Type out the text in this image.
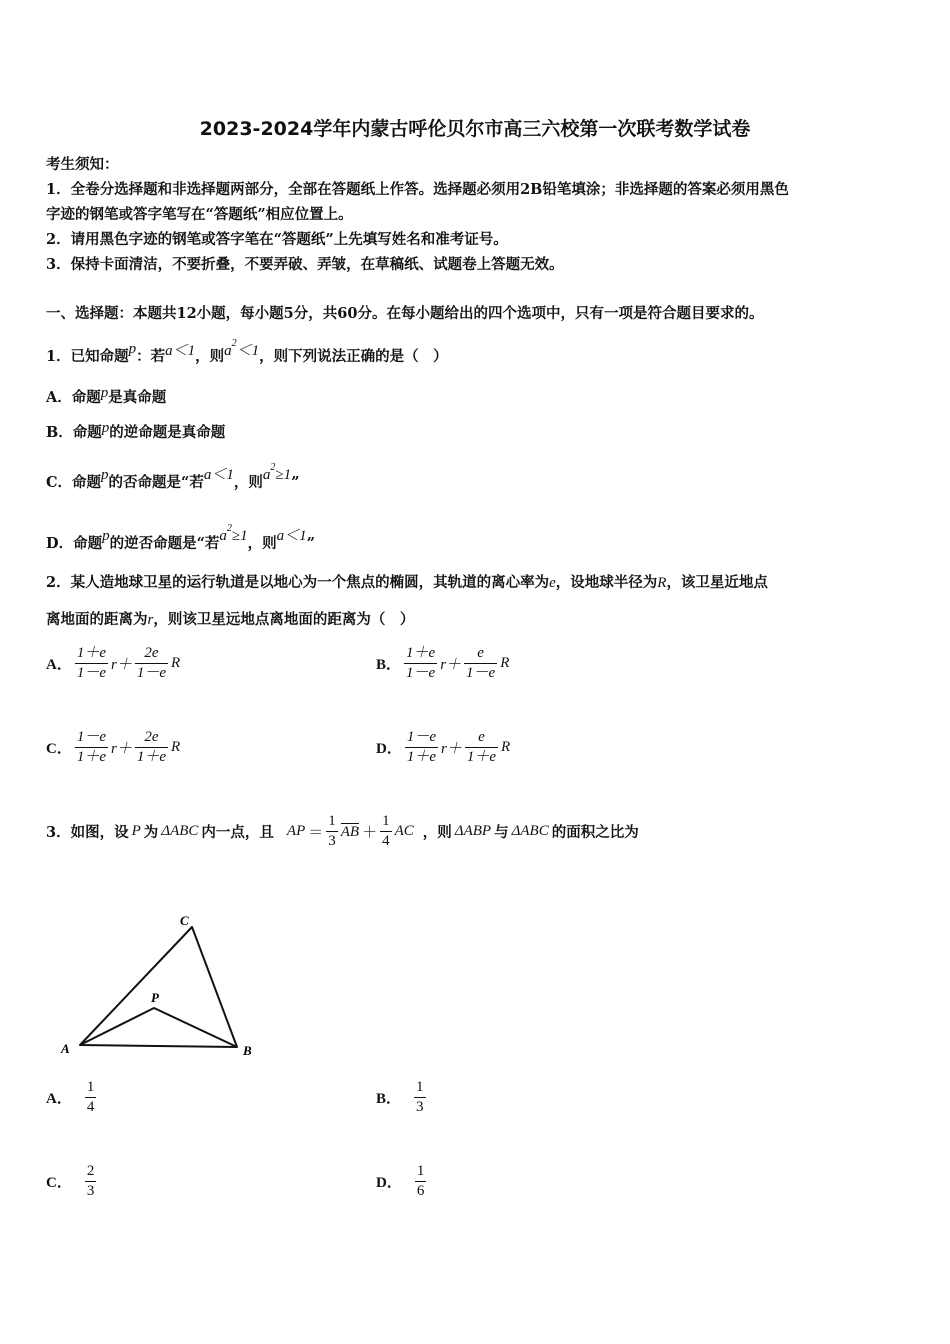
2023-2024学年内蒙古呼伦贝尔市高三六校第一次联考数学试卷
考生须知：
1．全卷分选择题和非选择题两部分，全部在答题纸上作答。选择题必须用2B铅笔填涂；非选择题的答案必须用黑色
字迹的钢笔或答字笔写在“答题纸”相应位置上。
2．请用黑色字迹的钢笔或答字笔在“答题纸”上先填写姓名和准考证号。
3．保持卡面清洁，不要折叠，不要弄破、弄皱，在草稿纸、试题卷上答题无效。
一、选择题：本题共12小题，每小题5分，共60分。在每小题给出的四个选项中，只有一项是符合题目要求的。
1．已知命题p：若a＜1，则$a^2<1$，则下列说法正确的是（　）
A．命题p是真命题
B．命题p的逆命题是真命题
C．命题p的否命题是“若a＜1，则$a^2\ge 1$”
D．命题p的逆否命题是“若$a^2\ge 1$，则a＜1”
2．某人造地球卫星的运行轨道是以地心为一个焦点的椭圆，其轨道的离心率为e，设地球半径为R，该卫星近地点
离地面的距离为r，则该卫星远地点离地面的距离为（　）
A． $\frac{1+e}{1-e} r+ \frac{2e}{1-e}$ R	B． $\frac{1+e}{1-e} r+ \frac{e}{1-e}$ R
C． $\frac{1-e}{1+e} r+ \frac{2e}{1+e}$ R	D． $\frac{1-e}{1+e} r+ \frac{e}{1+e}$ R
3．如图，设 P 为 ΔABC 内一点，且 AP ＝ $\frac{1}{3}$ AB ＋ $\frac{1}{4}$ AC ，则 ΔABP 与 ΔABC 的面积之比为
A	B
C
P
A． $\frac{1}{4}$	B． $\frac{1}{3}$
C． $\frac{2}{3}$	D． $\frac{1}{6}$
